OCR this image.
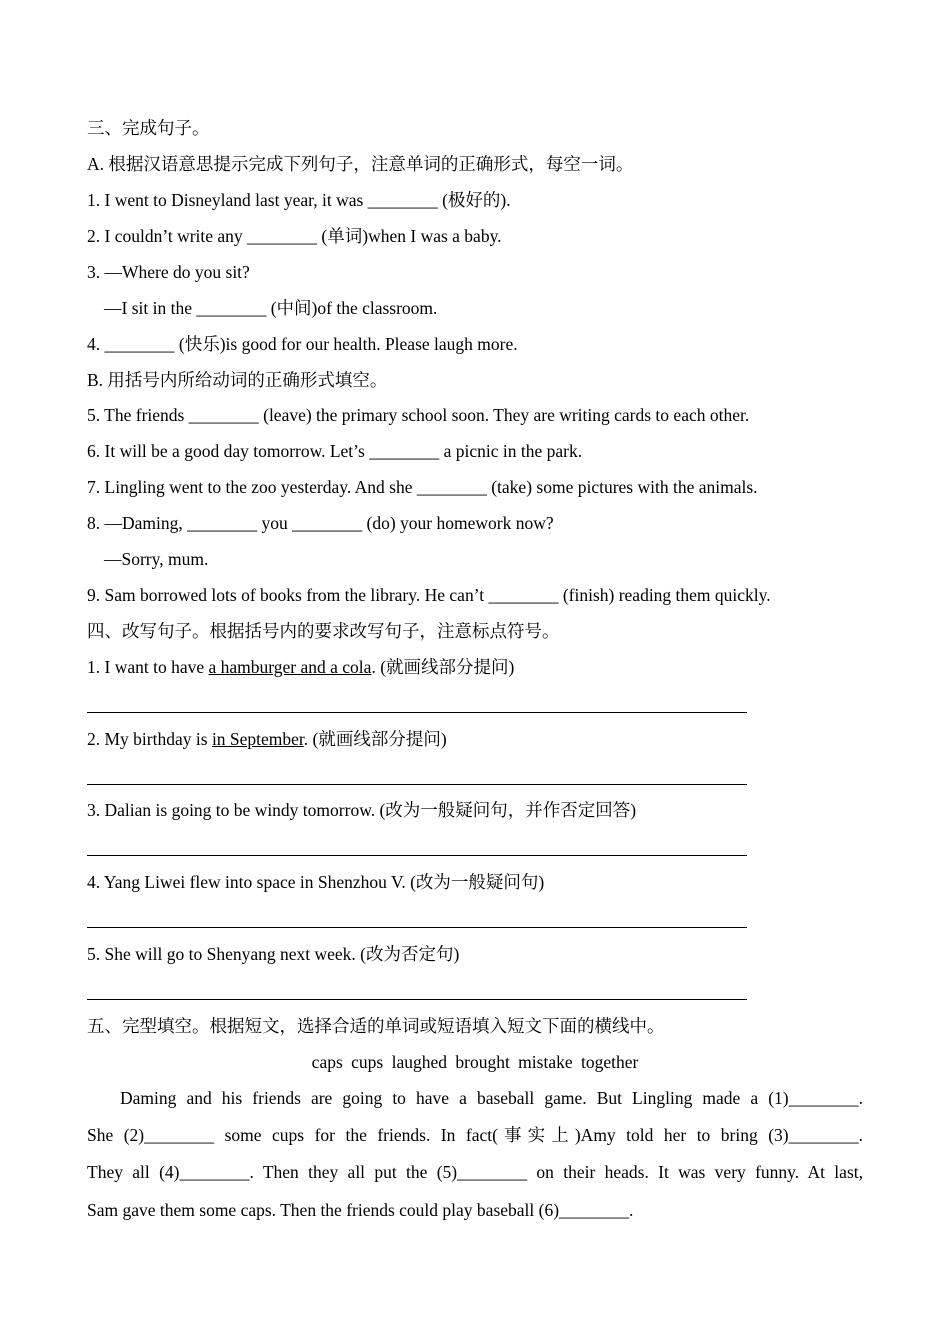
三、完成句子。
A. 根据汉语意思提示完成下列句子，注意单词的正确形式，每空一词。
1. I went to Disneyland last year, it was ________ (极好的).
2. I couldn’t write any ________ (单词)when I was a baby.
3. —Where do you sit?
—I sit in the ________ (中间)of the classroom.
4. ________ (快乐)is good for our health. Please laugh more.
B. 用括号内所给动词的正确形式填空。
5. The friends ________ (leave) the primary school soon. They are writing cards to each other.
6. It will be a good day tomorrow. Let’s ________ a picnic in the park.
7. Lingling went to the zoo yesterday. And she ________ (take) some pictures with the animals.
8. —Daming, ________ you ________ (do) your homework now?
—Sorry, mum.
9. Sam borrowed lots of books from the library. He can’t ________ (finish) reading them quickly.
四、改写句子。根据括号内的要求改写句子，注意标点符号。
1. I want to have a hamburger and a cola. (就画线部分提问)
2. My birthday is in September. (就画线部分提问)
3. Dalian is going to be windy tomorrow. (改为一般疑问句，并作否定回答)
4. Yang Liwei flew into space in Shenzhou V. (改为一般疑问句)
5. She will go to Shenyang next week. (改为否定句)
五、完型填空。根据短文，选择合适的单词或短语填入短文下面的横线中。
caps cups laughed brought mistake together
Daming and his friends are going to have a baseball game. But Lingling made a (1)________.
She (2)________ some cups for the friends. In fact(事实上)Amy told her to bring (3)________.
They all (4)________. Then they all put the (5)________ on their heads. It was very funny. At last,
Sam gave them some caps. Then the friends could play baseball (6)________.
